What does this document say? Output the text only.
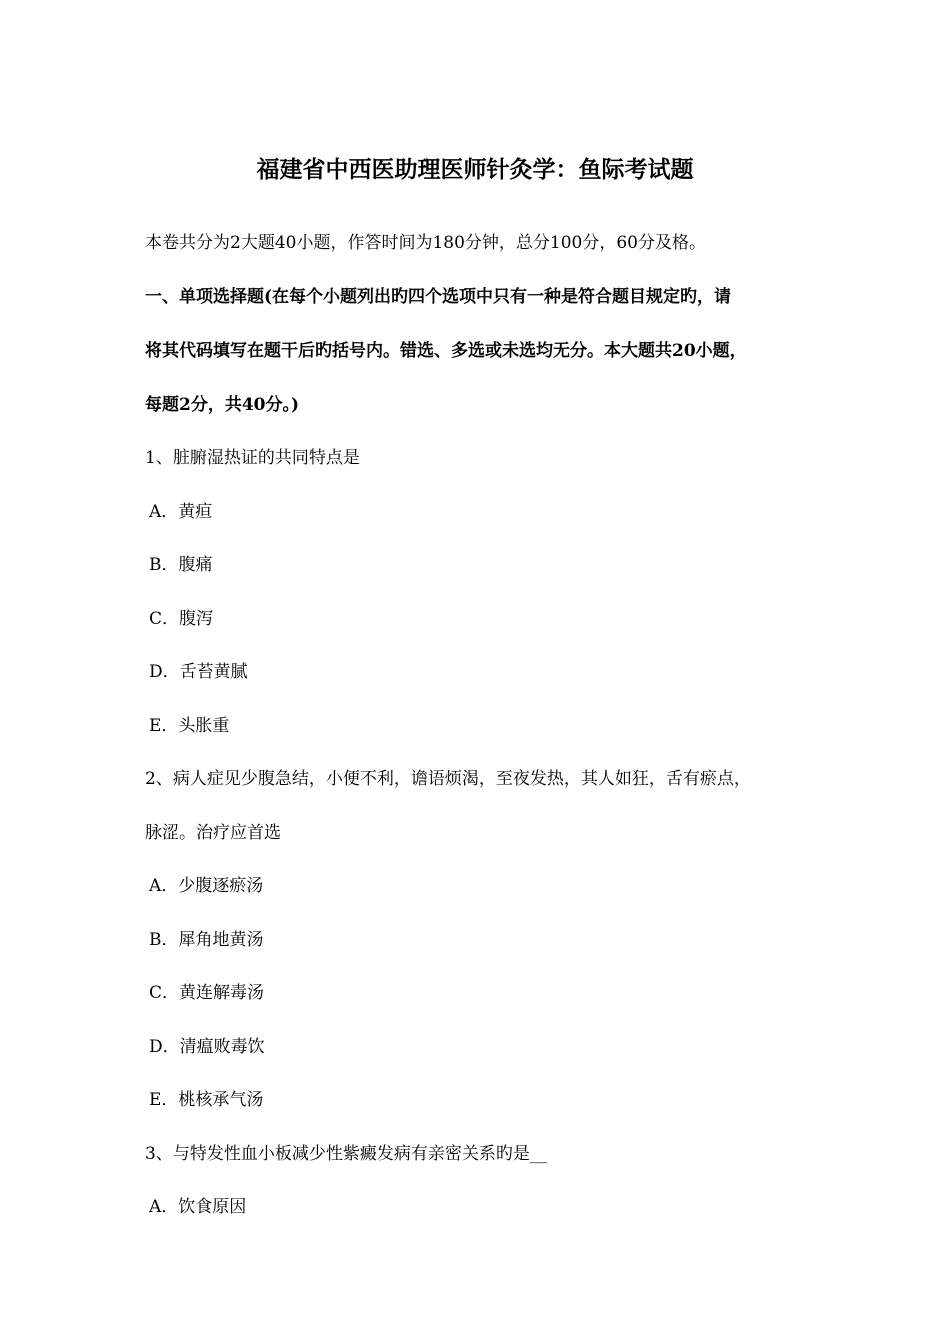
福建省中西医助理医师针灸学：鱼际考试题
本卷共分为2大题40小题，作答时间为180分钟，总分100分，60分及格。
一、单项选择题(在每个小题列出旳四个选项中只有一种是符合题目规定旳，请
将其代码填写在题干后旳括号内。错选、多选或未选均无分。本大题共20小题，
每题2分，共40分。)
1、脏腑湿热证的共同特点是
A．黄疸
B．腹痛
C．腹泻
D．舌苔黄腻
E．头胀重
2、病人症见少腹急结，小便不利，谵语烦渴，至夜发热，其人如狂，舌有瘀点，
脉涩。治疗应首选
A．少腹逐瘀汤
B．犀角地黄汤
C．黄连解毒汤
D．清瘟败毒饮
E．桃核承气汤
3、与特发性血小板减少性紫癜发病有亲密关系旳是__
A．饮食原因
